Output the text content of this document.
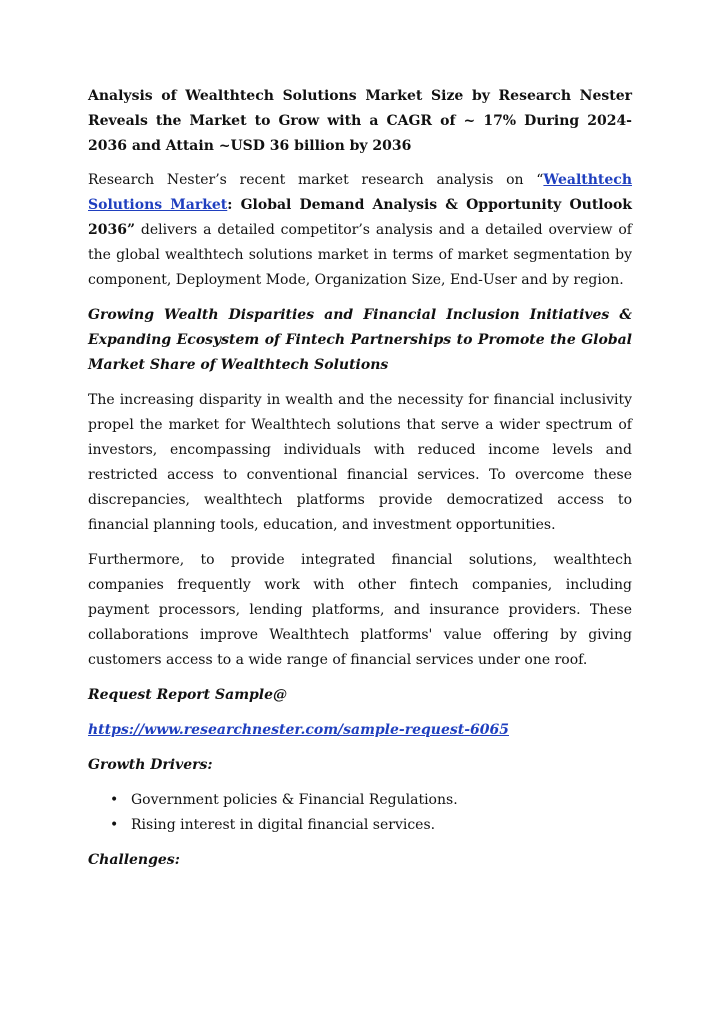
Analysis of Wealthtech Solutions Market Size by Research Nester Reveals the Market to Grow with a CAGR of ~ 17% During 2024-2036 and Attain ~USD 36 billion by 2036

Research Nester’s recent market research analysis on “Wealthtech Solutions Market: Global Demand Analysis & Opportunity Outlook 2036” delivers a detailed competitor’s analysis and a detailed overview of the global wealthtech solutions market in terms of market segmentation by component, Deployment Mode, Organization Size, End-User and by region.

Growing Wealth Disparities and Financial Inclusion Initiatives & Expanding Ecosystem of Fintech Partnerships to Promote the Global Market Share of Wealthtech Solutions

The increasing disparity in wealth and the necessity for financial inclusivity propel the market for Wealthtech solutions that serve a wider spectrum of investors, encompassing individuals with reduced income levels and restricted access to conventional financial services. To overcome these discrepancies, wealthtech platforms provide democratized access to financial planning tools, education, and investment opportunities.

Furthermore, to provide integrated financial solutions, wealthtech companies frequently work with other fintech companies, including payment processors, lending platforms, and insurance providers. These collaborations improve Wealthtech platforms' value offering by giving customers access to a wide range of financial services under one roof.

Request Report Sample@

https://www.researchnester.com/sample-request-6065

Growth Drivers:

• Government policies & Financial Regulations.
• Rising interest in digital financial services.

Challenges:
